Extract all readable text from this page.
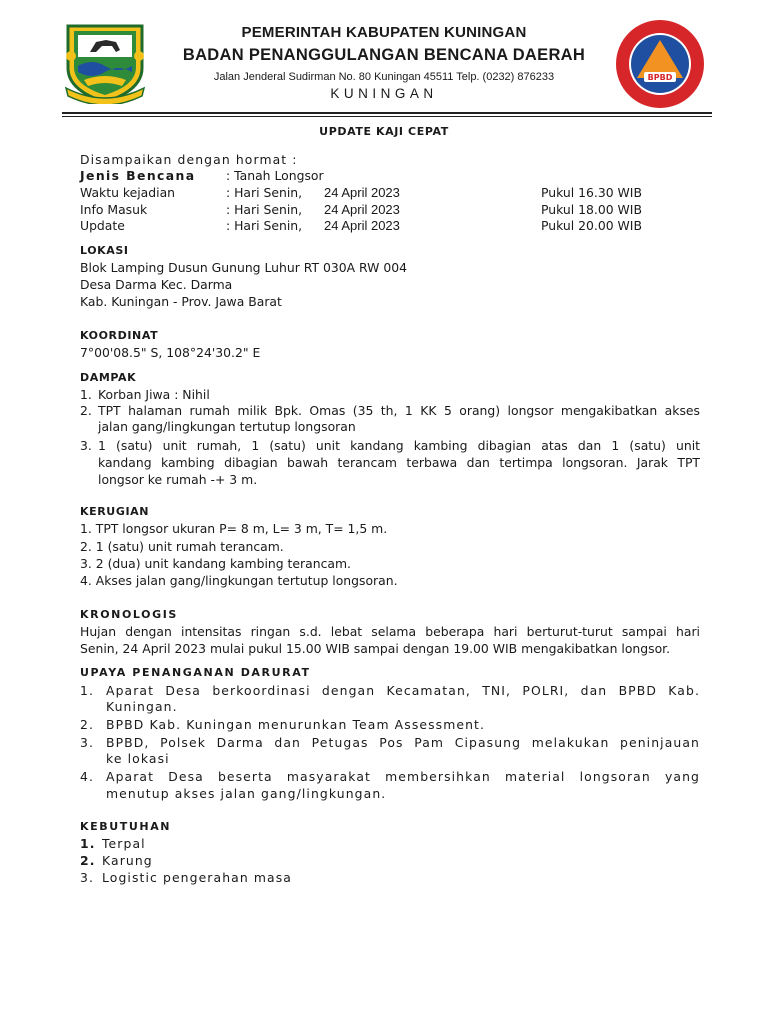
BPBD
PEMERINTAH KABUPATEN KUNINGAN
BADAN PENANGGULANGAN BENCANA DAERAH
Jalan Jenderal Sudirman No. 80 Kuningan 45511 Telp. (0232) 876233
KUNINGAN
UPDATE KAJI CEPAT
Disampaikan dengan hormat :
Jenis Bencana : Tanah Longsor
Waktu kejadian	: Hari Senin, 24 April 2023	Pukul 16.30 WIB
Info Masuk	: Hari Senin, 24 April 2023	Pukul 18.00 WIB
Update	: Hari Senin, 24 April 2023	Pukul 20.00 WIB
LOKASI
Blok Lamping Dusun Gunung Luhur RT 030A RW 004
Desa Darma Kec. Darma
Kab. Kuningan - Prov. Jawa Barat
KOORDINAT
7°00'08.5" S, 108°24'30.2" E
DAMPAK
1. Korban Jiwa : Nihil
2. TPT halaman rumah milik Bpk. Omas (35 th, 1 KK 5 orang) longsor mengakibatkan akses
jalan gang/lingkungan tertutup longsoran
3. 1 (satu) unit rumah, 1 (satu) unit kandang kambing dibagian atas dan 1 (satu) unit
kandang kambing dibagian bawah terancam terbawa dan tertimpa longsoran. Jarak TPT
longsor ke rumah -+ 3 m.
KERUGIAN
1. TPT longsor ukuran P= 8 m, L= 3 m, T= 1,5 m.
2. 1 (satu) unit rumah terancam.
3. 2 (dua) unit kandang kambing terancam.
4. Akses jalan gang/lingkungan tertutup longsoran.
KRONOLOGIS
Hujan dengan intensitas ringan s.d. lebat selama beberapa hari berturut-turut sampai hari
Senin, 24 April 2023 mulai pukul 15.00 WIB sampai dengan 19.00 WIB mengakibatkan longsor.
UPAYA PENANGANAN DARURAT
1. Aparat Desa berkoordinasi dengan Kecamatan, TNI, POLRI, dan BPBD Kab.
Kuningan.
2. BPBD Kab. Kuningan menurunkan Team Assessment.
3. BPBD, Polsek Darma dan Petugas Pos Pam Cipasung melakukan peninjauan
ke lokasi
4. Aparat Desa beserta masyarakat membersihkan material longsoran yang
menutup akses jalan gang/lingkungan.
KEBUTUHAN
1. Terpal
2. Karung
3. Logistic pengerahan masa
